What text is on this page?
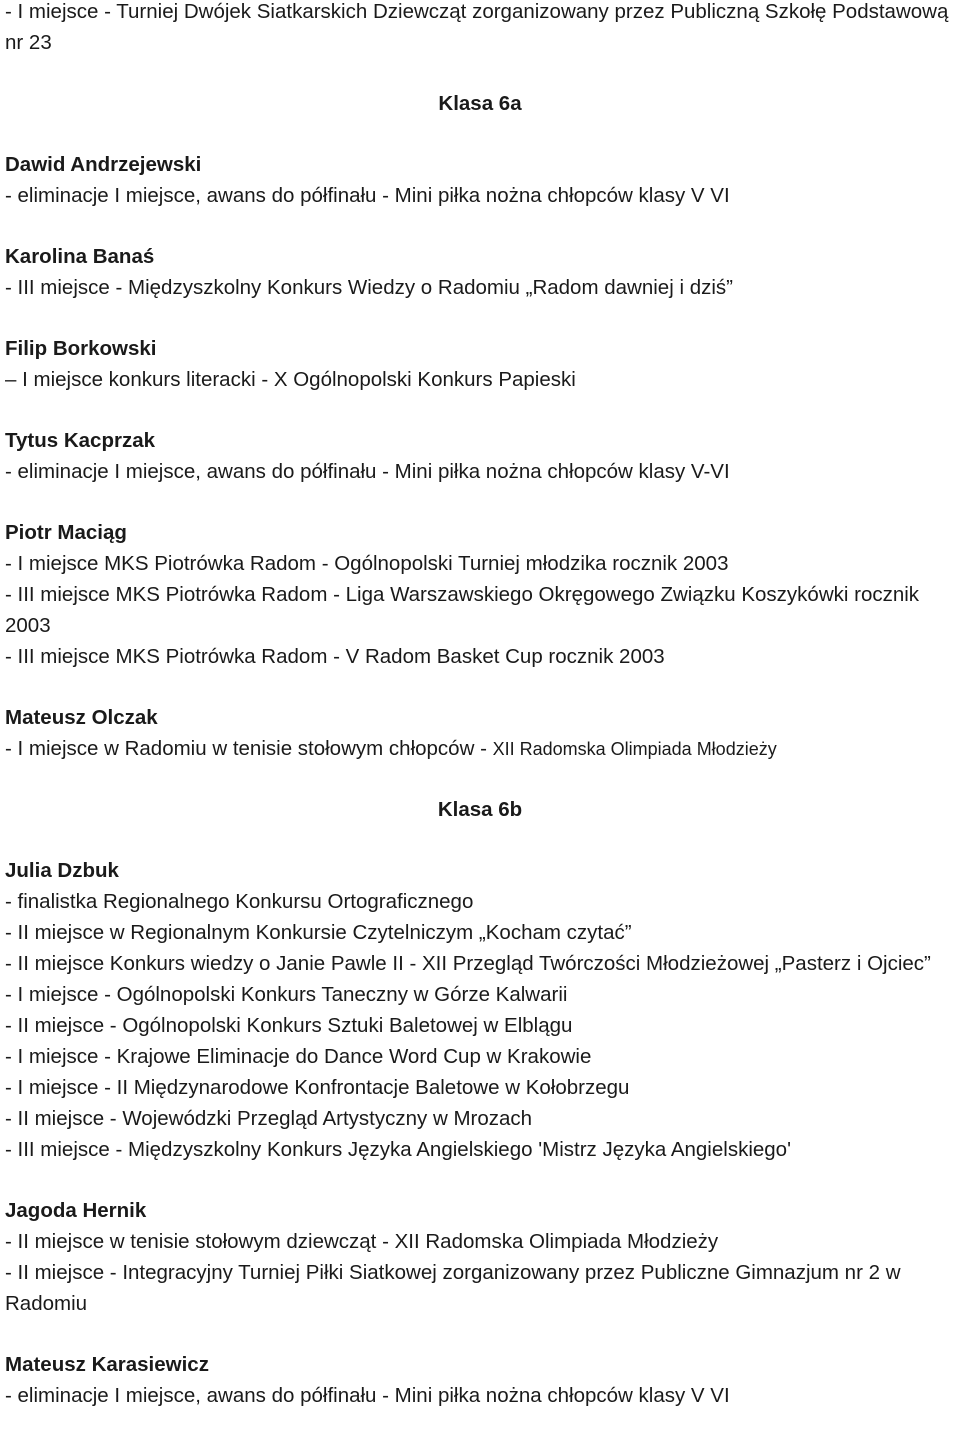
- I miejsce - Turniej Dwójek Siatkarskich Dziewcząt zorganizowany przez Publiczną Szkołę Podstawową nr 23
Klasa 6a
Dawid Andrzejewski
- eliminacje I miejsce, awans do półfinału - Mini piłka nożna chłopców klasy V VI
Karolina Banaś
- III miejsce - Międzyszkolny Konkurs Wiedzy o Radomiu „Radom dawniej i dziś”
Filip Borkowski
– I miejsce konkurs literacki - X Ogólnopolski Konkurs Papieski
Tytus Kacprzak
- eliminacje I miejsce, awans do półfinału - Mini piłka nożna chłopców klasy V-VI
Piotr Maciąg
- I miejsce MKS Piotrówka Radom - Ogólnopolski Turniej młodzika rocznik 2003
- III miejsce MKS Piotrówka Radom - Liga Warszawskiego Okręgowego Związku Koszykówki rocznik 2003
- III miejsce MKS Piotrówka Radom - V Radom Basket Cup rocznik 2003
Mateusz Olczak
- I miejsce w Radomiu w tenisie stołowym chłopców - XII Radomska Olimpiada Młodzieży
Klasa 6b
Julia Dzbuk
- finalistka Regionalnego Konkursu Ortograficznego
- II miejsce w Regionalnym Konkursie Czytelniczym „Kocham czytać”
- II miejsce Konkurs wiedzy o Janie Pawle II - XII Przegląd Twórczości Młodzieżowej „Pasterz i Ojciec”
- I miejsce - Ogólnopolski Konkurs Taneczny w Górze Kalwarii
- II miejsce - Ogólnopolski Konkurs Sztuki Baletowej w Elblągu
- I miejsce - Krajowe Eliminacje do Dance Word Cup w Krakowie
- I miejsce - II Międzynarodowe Konfrontacje Baletowe w Kołobrzegu
- II miejsce - Wojewódzki Przegląd Artystyczny w Mrozach
- III miejsce - Międzyszkolny Konkurs Języka Angielskiego 'Mistrz Języka Angielskiego'
Jagoda Hernik
- II miejsce w tenisie stołowym dziewcząt - XII Radomska Olimpiada Młodzieży
- II miejsce - Integracyjny Turniej Piłki Siatkowej zorganizowany przez Publiczne Gimnazjum nr 2 w Radomiu
Mateusz Karasiewicz
- eliminacje I miejsce, awans do półfinału - Mini piłka nożna chłopców klasy V VI
